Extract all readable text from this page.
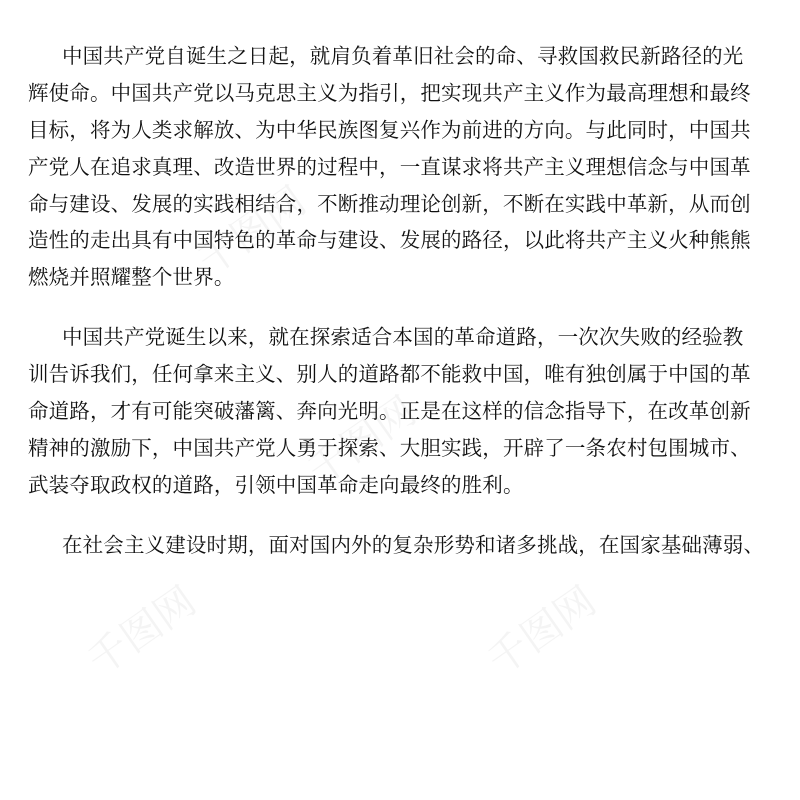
千图网
千图网
千图网	千图网
中国共产党自诞生之日起，就肩负着革旧社会的命、寻救国救民新路径的光
辉使命。中国共产党以马克思主义为指引，把实现共产主义作为最高理想和最终
目标，将为人类求解放、为中华民族图复兴作为前进的方向。与此同时，中国共
产党人在追求真理、改造世界的过程中，一直谋求将共产主义理想信念与中国革
命与建设、发展的实践相结合，不断推动理论创新，不断在实践中革新，从而创
造性的走出具有中国特色的革命与建设、发展的路径，以此将共产主义火种熊熊
燃烧并照耀整个世界。
中国共产党诞生以来，就在探索适合本国的革命道路，一次次失败的经验教
训告诉我们，任何拿来主义、别人的道路都不能救中国，唯有独创属于中国的革
命道路，才有可能突破藩篱、奔向光明。正是在这样的信念指导下，在改革创新
精神的激励下，中国共产党人勇于探索、大胆实践，开辟了一条农村包围城市、
武装夺取政权的道路，引领中国革命走向最终的胜利。
在社会主义建设时期，面对国内外的复杂形势和诸多挑战，在国家基础薄弱、
